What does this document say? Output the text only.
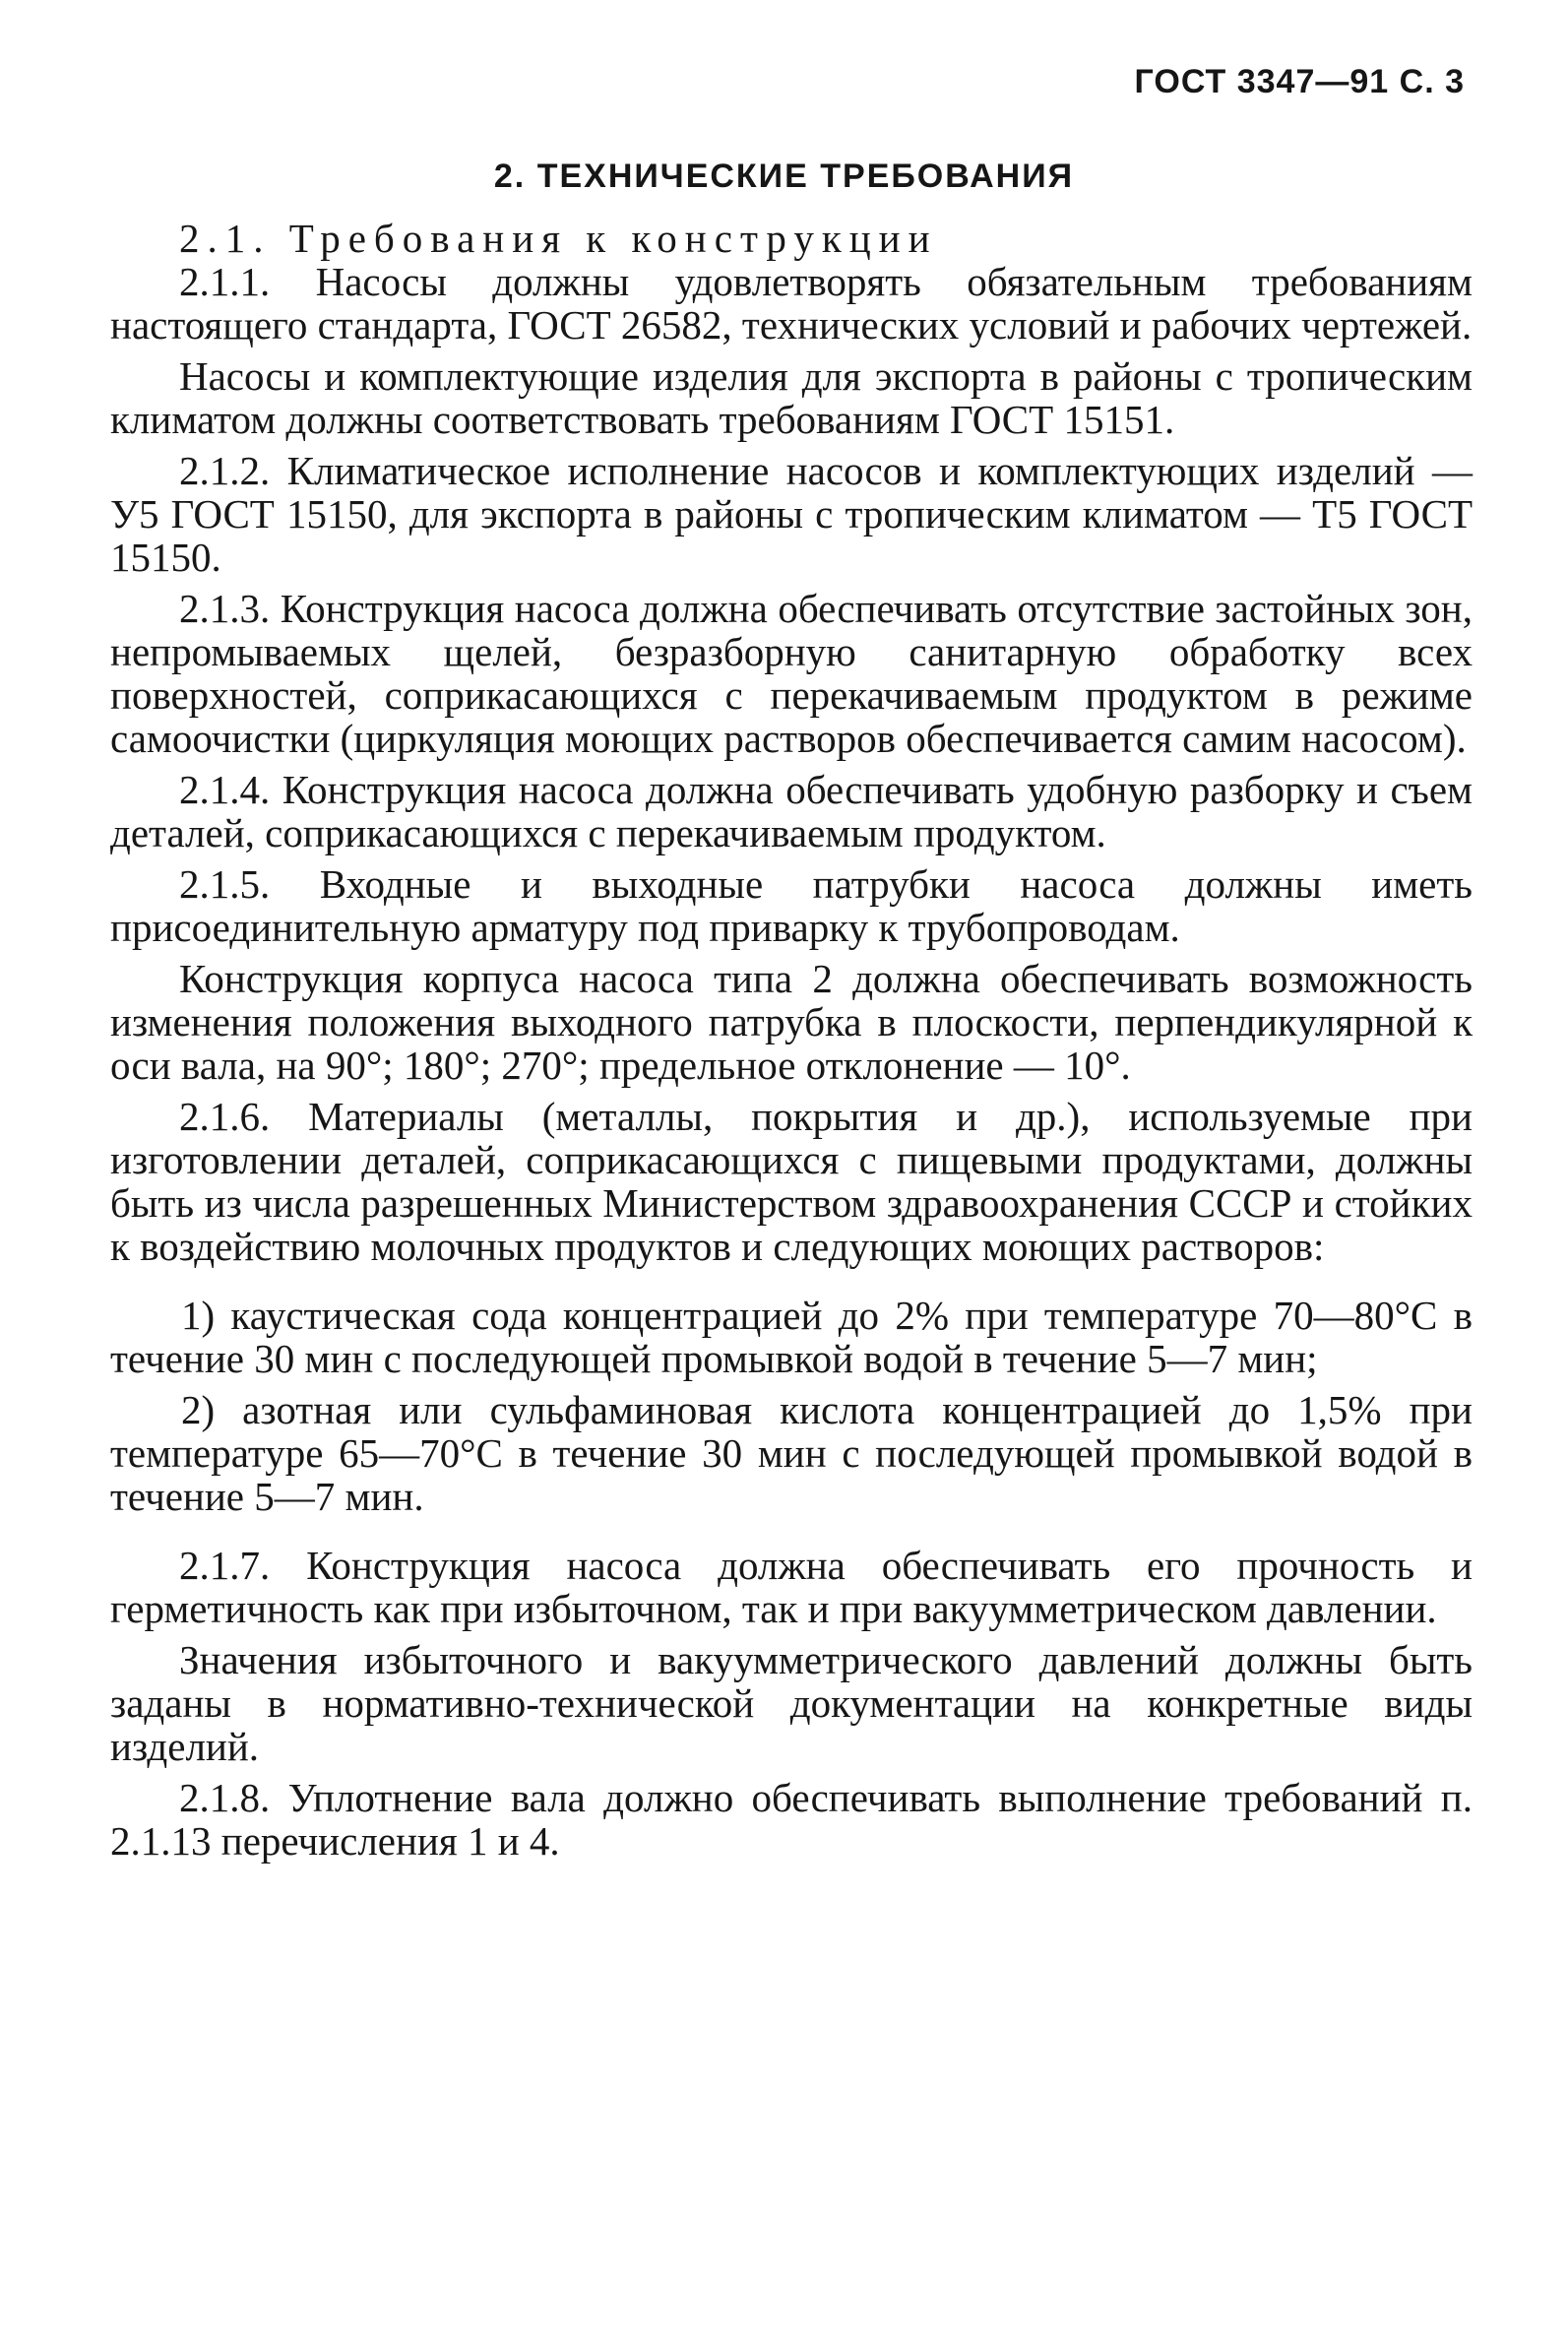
ГОСТ 3347—91 С. 3
2. ТЕХНИЧЕСКИЕ ТРЕБОВАНИЯ

2.1. Требования к конструкции

2.1.1. Насосы должны удовлетворять обязательным требованиям настоящего стандарта, ГОСТ 26582, технических условий и рабочих чертежей.

Насосы и комплектующие изделия для экспорта в районы с тропическим климатом должны соответствовать требованиям ГОСТ 15151.

2.1.2. Климатическое исполнение насосов и комплектующих изделий — У5 ГОСТ 15150, для экспорта в районы с тропическим климатом — Т5 ГОСТ 15150.

2.1.3. Конструкция насоса должна обеспечивать отсутствие застойных зон, непромываемых щелей, безразборную санитарную обработку всех поверхностей, соприкасающихся с перекачиваемым продуктом в режиме самоочистки (циркуляция моющих растворов обеспечивается самим насосом).

2.1.4. Конструкция насоса должна обеспечивать удобную разборку и съем деталей, соприкасающихся с перекачиваемым продуктом.

2.1.5. Входные и выходные патрубки насоса должны иметь присоединительную арматуру под приварку к трубопроводам.

Конструкция корпуса насоса типа 2 должна обеспечивать возможность изменения положения выходного патрубка в плоскости, перпендикулярной к оси вала, на 90°; 180°; 270°; предельное отклонение — 10°.

2.1.6. Материалы (металлы, покрытия и др.), используемые при изготовлении деталей, соприкасающихся с пищевыми продуктами, должны быть из числа разрешенных Министерством здравоохранения СССР и стойких к воздействию молочных продуктов и следующих моющих растворов:

1) каустическая сода концентрацией до 2% при температуре 70—80°С в течение 30 мин с последующей промывкой водой в течение 5—7 мин;

2) азотная или сульфаминовая кислота концентрацией до 1,5% при температуре 65—70°С в течение 30 мин с последующей промывкой водой в течение 5—7 мин.

2.1.7. Конструкция насоса должна обеспечивать его прочность и герметичность как при избыточном, так и при вакуумметрическом давлении.

Значения избыточного и вакуумметрического давлений должны быть заданы в нормативно-технической документации на конкретные виды изделий.

2.1.8. Уплотнение вала должно обеспечивать выполнение требований п. 2.1.13 перечисления 1 и 4.
